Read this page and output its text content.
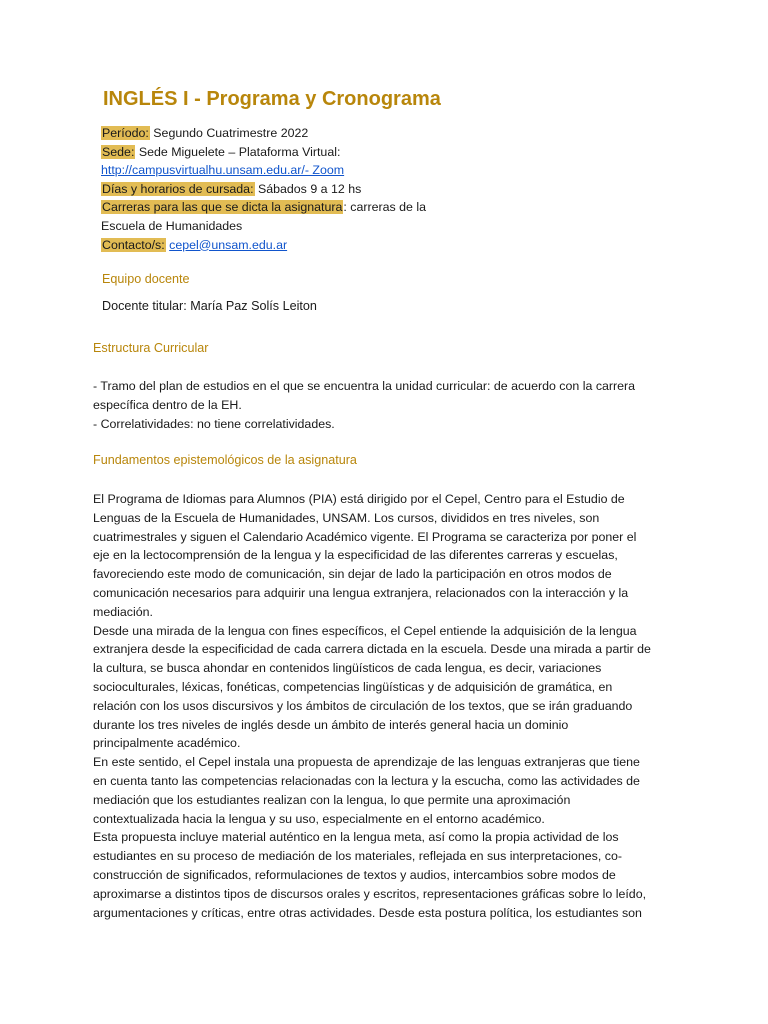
INGLÉS I - Programa y Cronograma
Período: Segundo Cuatrimestre 2022
Sede: Sede Miguelete – Plataforma Virtual:
http://campusvirtualhu.unsam.edu.ar/- Zoom
Días y horarios de cursada: Sábados 9 a 12 hs
Carreras para las que se dicta la asignatura: carreras de la
Escuela de Humanidades
Contacto/s: cepel@unsam.edu.ar
Equipo docente
Docente titular: María Paz Solís Leiton
Estructura Curricular
- Tramo del plan de estudios en el que se encuentra la unidad curricular: de acuerdo con la carrera
específica dentro de la EH.
- Correlatividades: no tiene correlatividades.
Fundamentos epistemológicos de la asignatura
El Programa de Idiomas para Alumnos (PIA) está dirigido por el Cepel, Centro para el Estudio de
Lenguas de la Escuela de Humanidades, UNSAM. Los cursos, divididos en tres niveles, son
cuatrimestrales y siguen el Calendario Académico vigente. El Programa se caracteriza por poner el
eje en la lectocomprensión de la lengua y la especificidad de las diferentes carreras y escuelas,
favoreciendo este modo de comunicación, sin dejar de lado la participación en otros modos de
comunicación necesarios para adquirir una lengua extranjera, relacionados con la interacción y la
mediación.
Desde una mirada de la lengua con fines específicos, el Cepel entiende la adquisición de la lengua
extranjera desde la especificidad de cada carrera dictada en la escuela. Desde una mirada a partir de
la cultura, se busca ahondar en contenidos lingüísticos de cada lengua, es decir, variaciones
socioculturales, léxicas, fonéticas, competencias lingüísticas y de adquisición de gramática, en
relación con los usos discursivos y los ámbitos de circulación de los textos, que se irán graduando
durante los tres niveles de inglés desde un ámbito de interés general hacia un dominio
principalmente académico.
En este sentido, el Cepel instala una propuesta de aprendizaje de las lenguas extranjeras que tiene
en cuenta tanto las competencias relacionadas con la lectura y la escucha, como las actividades de
mediación que los estudiantes realizan con la lengua, lo que permite una aproximación
contextualizada hacia la lengua y su uso, especialmente en el entorno académico.
Esta propuesta incluye material auténtico en la lengua meta, así como la propia actividad de los
estudiantes en su proceso de mediación de los materiales, reflejada en sus interpretaciones, co-
construcción de significados, reformulaciones de textos y audios, intercambios sobre modos de
aproximarse a distintos tipos de discursos orales y escritos, representaciones gráficas sobre lo leído,
argumentaciones y críticas, entre otras actividades. Desde esta postura política, los estudiantes son
